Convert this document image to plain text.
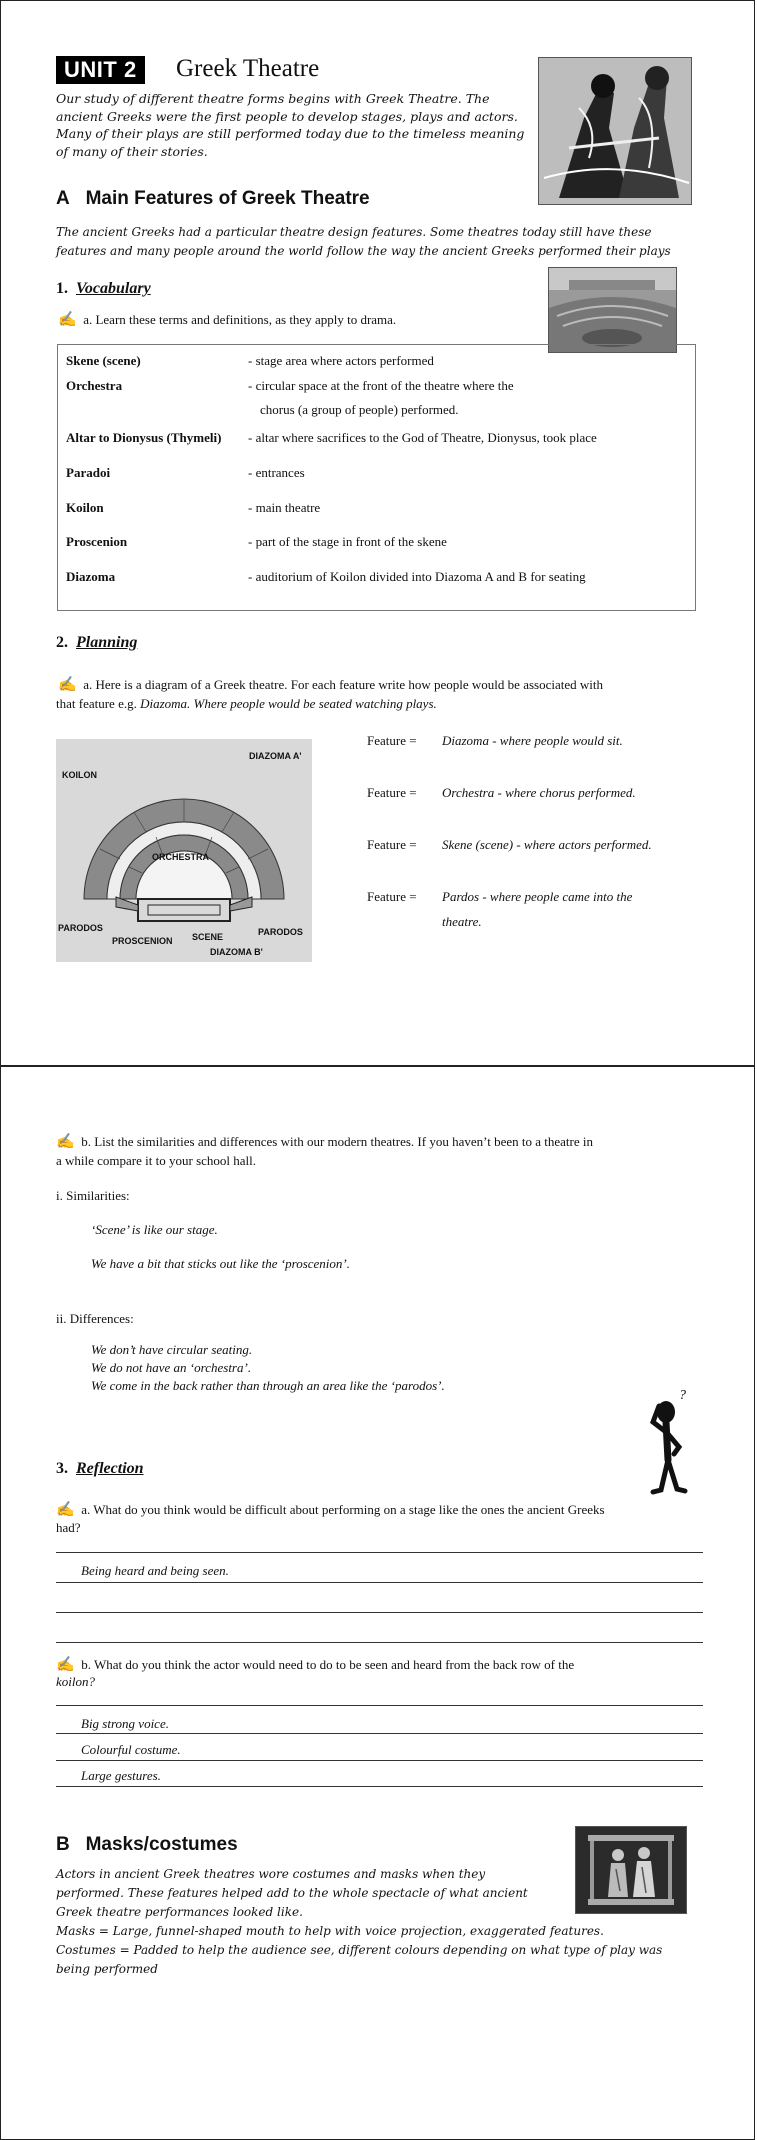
UNIT 2	Greek Theatre
Our study of different theatre forms begins with Greek Theatre. The ancient Greeks were the first people to develop stages, plays and actors. Many of their plays are still performed today due to the timeless meaning of many of their stories.
A Main Features of Greek Theatre
The ancient Greeks had a particular theatre design features. Some theatres today still have these features and many people around the world follow the way the ancient Greeks performed their plays
1. Vocabulary
✍ a. Learn these terms and definitions, as they apply to drama.
Skene (scene)	- stage area where actors performed
Orchestra	- circular space at the front of the theatre where the
chorus (a group of people) performed.
Altar to Dionysus (Thymeli) - altar where sacrifices to the God of Theatre, Dionysus, took place
Paradoi	- entrances
Koilon	- main theatre
Proscenion	- part of the stage in front of the skene
Diazoma	- auditorium of Koilon divided into Diazoma A and B for seating
2. Planning
✍ a. Here is a diagram of a Greek theatre. For each feature write how people would be associated with
that feature e.g. Diazoma. Where people would be seated watching plays.
DIAZOMA A'
KOILON
ORCHESTRA
PARODOS
PROSCENION SCENE	PARODOS
DIAZOMA B'
Feature = Diazoma - where people would sit.
Feature = Orchestra - where chorus performed.
Feature = Skene (scene) - where actors performed.
Feature = Pardos - where people came into the
theatre.
✍ b. List the similarities and differences with our modern theatres. If you haven’t been to a theatre in
a while compare it to your school hall.
i. Similarities:
‘Scene’ is like our stage.
We have a bit that sticks out like the ‘proscenion’.
ii. Differences:
We don’t have circular seating.
We do not have an ‘orchestra’.
We come in the back rather than through an area like the ‘parodos’.
?
3. Reflection
✍ a. What do you think would be difficult about performing on a stage like the ones the ancient Greeks
had?
Being heard and being seen.
✍ b. What do you think the actor would need to do to be seen and heard from the back row of the
koilon?
Big strong voice.
Colourful costume.
Large gestures.
B Masks/costumes
Actors in ancient Greek theatres wore costumes and masks when they
performed. These features helped add to the whole spectacle of what ancient
Greek theatre performances looked like.
Masks = Large, funnel-shaped mouth to help with voice projection, exaggerated features.
Costumes = Padded to help the audience see, different colours depending on what type of play was
being performed
